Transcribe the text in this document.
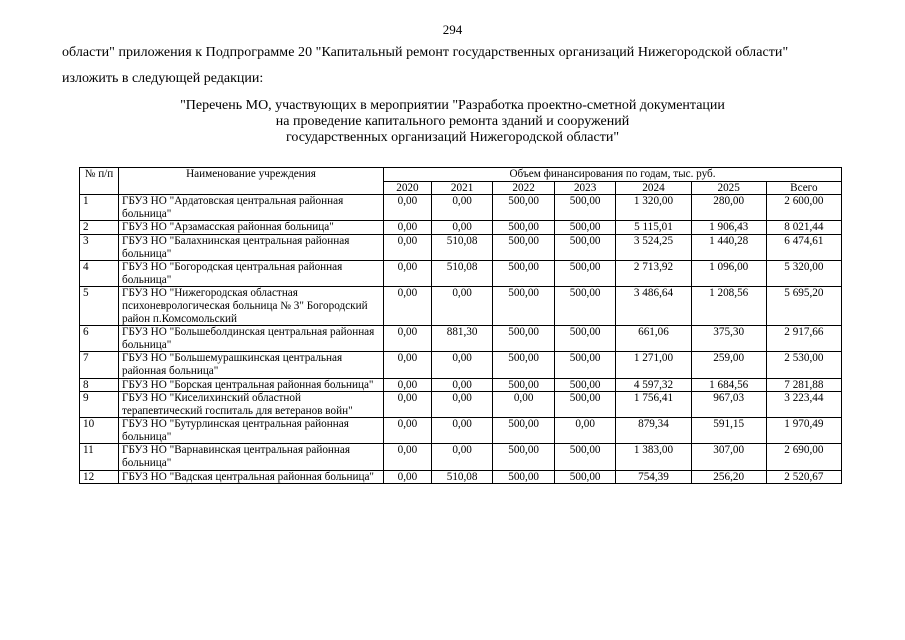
294
области" приложения к Подпрограмме 20 "Капитальный ремонт государственных организаций Нижегородской области"
изложить в следующей редакции:
"Перечень МО, участвующих в мероприятии "Разработка проектно-сметной документации
на проведение капитального ремонта зданий и сооружений
государственных организаций Нижегородской области"
№ п/п	Наименование учреждения	Объем финансирования по годам, тыс. руб.						
		2020	2021	2022	2023	2024	2025	Всего
1	ГБУЗ НО "Ардатовская центральная районная больница"	0,00	0,00	500,00	500,00	1 320,00	280,00	2 600,00
2	ГБУЗ НО "Арзамасская районная больница"	0,00	0,00	500,00	500,00	5 115,01	1 906,43	8 021,44
3	ГБУЗ НО "Балахнинская центральная районная больница"	0,00	510,08	500,00	500,00	3 524,25	1 440,28	6 474,61
4	ГБУЗ НО "Богородская центральная районная больница"	0,00	510,08	500,00	500,00	2 713,92	1 096,00	5 320,00
5	ГБУЗ НО "Нижегородская областная психоневрологическая больница № 3" Богородский район п.Комсомольский	0,00	0,00	500,00	500,00	3 486,64	1 208,56	5 695,20
6	ГБУЗ НО "Большеболдинская центральная районная больница"	0,00	881,30	500,00	500,00	661,06	375,30	2 917,66
7	ГБУЗ НО "Большемурашкинская центральная районная больница"	0,00	0,00	500,00	500,00	1 271,00	259,00	2 530,00
8	ГБУЗ НО "Борская центральная районная больница"	0,00	0,00	500,00	500,00	4 597,32	1 684,56	7 281,88
9	ГБУЗ НО "Киселихинский областной терапевтический госпиталь для ветеранов войн"	0,00	0,00	0,00	500,00	1 756,41	967,03	3 223,44
10	ГБУЗ НО "Бутурлинская центральная районная больница"	0,00	0,00	500,00	0,00	879,34	591,15	1 970,49
11	ГБУЗ НО "Варнавинская центральная районная больница"	0,00	0,00	500,00	500,00	1 383,00	307,00	2 690,00
12	ГБУЗ НО "Вадская центральная районная больница"	0,00	510,08	500,00	500,00	754,39	256,20	2 520,67
